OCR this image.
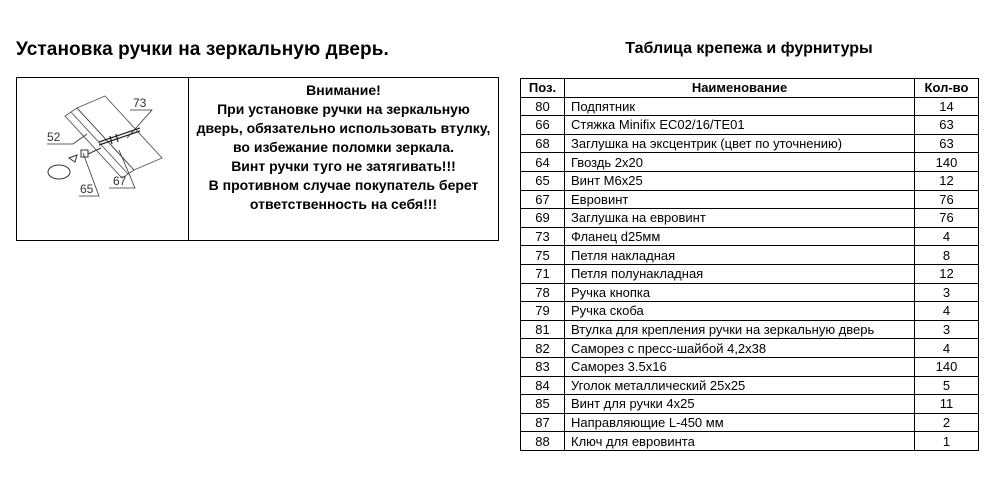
Установка ручки на зеркальную дверь.	Таблица крепежа и фурнитуры
73
52
65
67
Внимание!
При установке ручки на зеркальную
дверь, обязательно использовать втулку,
во избежание поломки зеркала.
Винт ручки туго не затягивать!!!
В противном случае покупатель берет
ответственность на себя!!!
Поз.	Наименование	Кол-во
80	Подпятник	14
66	Стяжка Minifix EC02/16/TE01	63
68	Заглушка на эксцентрик (цвет по уточнению)	63
64	Гвоздь 2х20	140
65	Винт М6х25	12
67	Евровинт	76
69	Заглушка на евровинт	76
73	Фланец d25мм	4
75	Петля накладная	8
71	Петля полунакладная	12
78	Ручка кнопка	3
79	Ручка скоба	4
81	Втулка для крепления ручки на зеркальную дверь	3
82	Саморез с пресс-шайбой 4,2х38	4
83	Саморез 3.5х16	140
84	Уголок металлический 25х25	5
85	Винт для ручки 4х25	11
87	Направляющие L-450 мм	2
88	Ключ для евровинта	1
